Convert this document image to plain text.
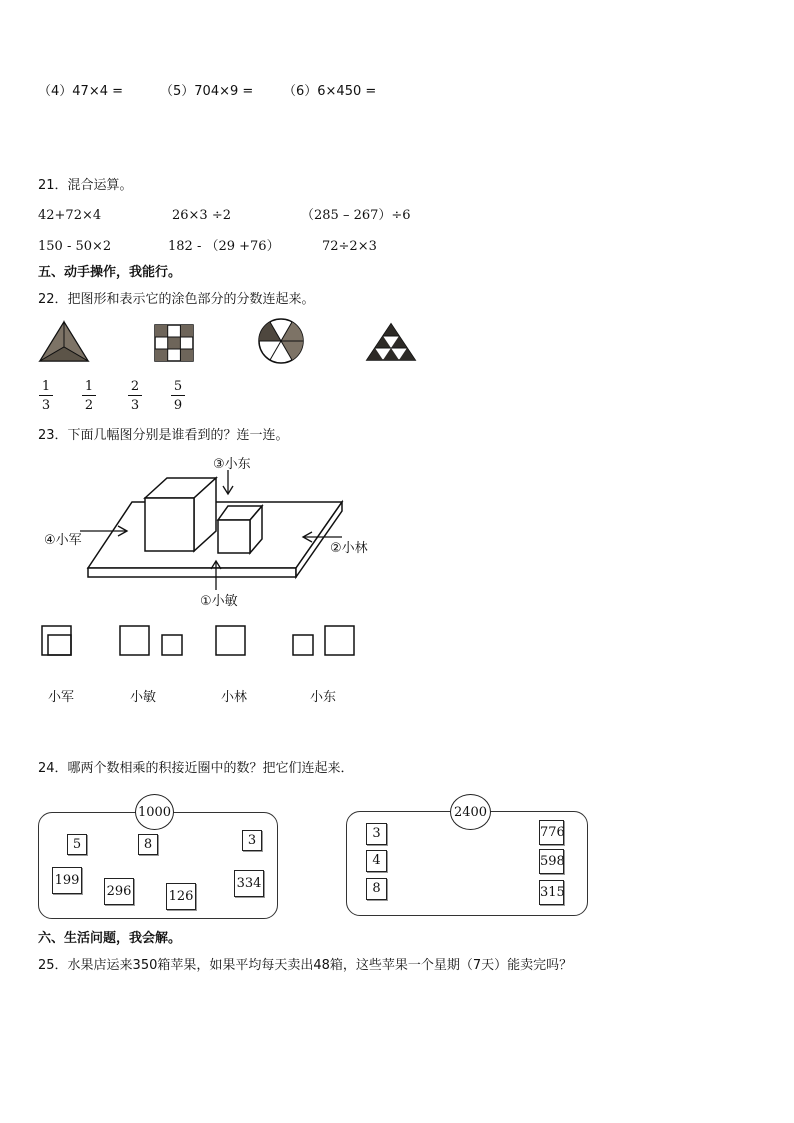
（4）47×4 =	（5）704×9 = （6）6×450 =
21．混合运算。
42+72×4	26×3 ÷2	（285 – 267）÷6
150 - 50×2	182 - （29 +76）	72÷2×3
五、动手操作，我能行。
22．把图形和表示它的涂色部分的分数连起来。
1
3
1
2
2
3
5
9
23．下面几幅图分别是谁看到的？连一连。
③小东
④小军
②小林
①小敏
小军	小敏	小林	小东
24．哪两个数相乘的积接近圈中的数？把它们连起来．
1000
5	8	3
199
296	126
334
2400
3	776
4	598
8	315
六、生活问题，我会解。
25．水果店运来350箱苹果，如果平均每天卖出48箱，这些苹果一个星期（7天）能卖完吗？
